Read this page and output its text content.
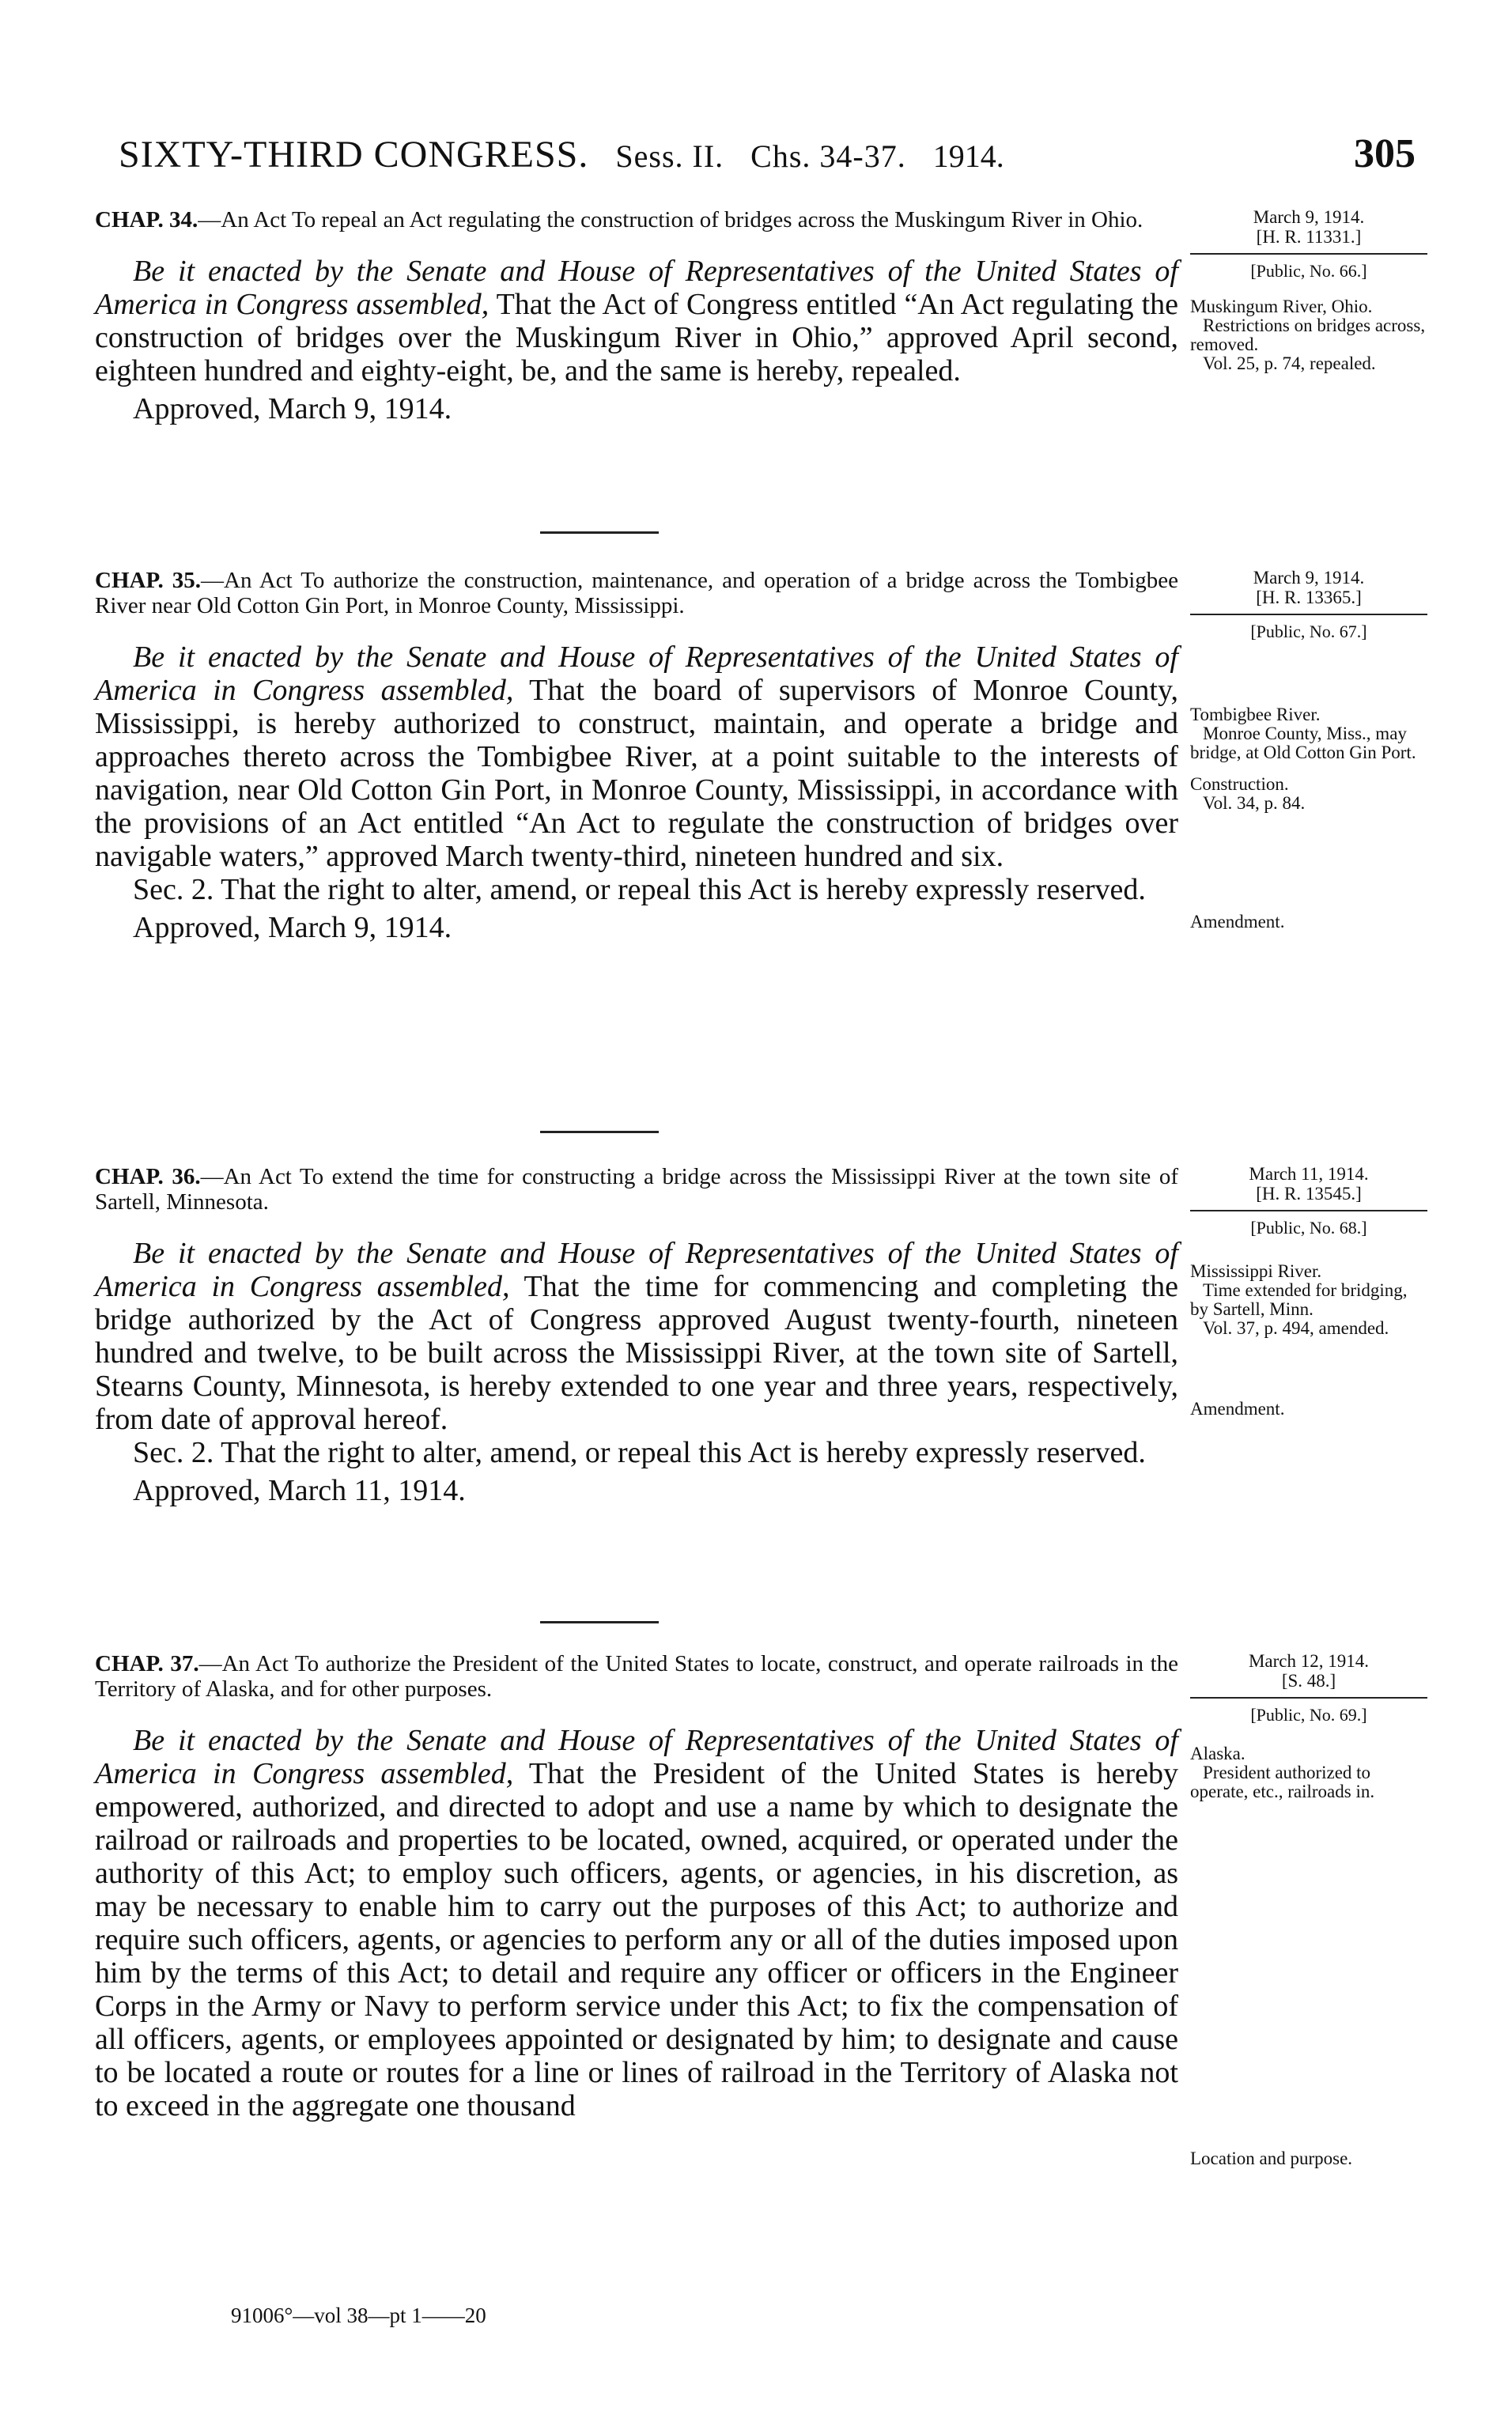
SIXTY-THIRD CONGRESS. Sess. II. Chs. 34-37. 1914.	305

CHAP. 34.—An Act To repeal an Act regulating the construction of bridges across the Muskingum River in Ohio.

Be it enacted by the Senate and House of Representatives of the United States of America in Congress assembled, That the Act of Congress entitled “An Act regulating the construction of bridges over the Muskingum River in Ohio,” approved April second, eighteen hundred and eighty-eight, be, and the same is hereby, repealed.

Approved, March 9, 1914.

March 9, 1914.
[H. R. 11331.]
[Public, No. 66.]

Muskingum River, Ohio.
Restrictions on bridges across, removed.
Vol. 25, p. 74, repealed.

CHAP. 35.—An Act To authorize the construction, maintenance, and operation of a bridge across the Tombigbee River near Old Cotton Gin Port, in Monroe County, Mississippi.

Be it enacted by the Senate and House of Representatives of the United States of America in Congress assembled, That the board of supervisors of Monroe County, Mississippi, is hereby authorized to construct, maintain, and operate a bridge and approaches thereto across the Tombigbee River, at a point suitable to the interests of navigation, near Old Cotton Gin Port, in Monroe County, Mississippi, in accordance with the provisions of an Act entitled “An Act to regulate the construction of bridges over navigable waters,” approved March twenty-third, nineteen hundred and six.

Sec. 2. That the right to alter, amend, or repeal this Act is hereby expressly reserved.

Approved, March 9, 1914.

March 9, 1914.
[H. R. 13365.]
[Public, No. 67.]

Tombigbee River.
Monroe County, Miss., may bridge, at Old Cotton Gin Port.

Construction.
Vol. 34, p. 84.

Amendment.

CHAP. 36.—An Act To extend the time for constructing a bridge across the Mississippi River at the town site of Sartell, Minnesota.

Be it enacted by the Senate and House of Representatives of the United States of America in Congress assembled, That the time for commencing and completing the bridge authorized by the Act of Congress approved August twenty-fourth, nineteen hundred and twelve, to be built across the Mississippi River, at the town site of Sartell, Stearns County, Minnesota, is hereby extended to one year and three years, respectively, from date of approval hereof.

Sec. 2. That the right to alter, amend, or repeal this Act is hereby expressly reserved.

Approved, March 11, 1914.

March 11, 1914.
[H. R. 13545.]
[Public, No. 68.]

Mississippi River.
Time extended for bridging, by Sartell, Minn.
Vol. 37, p. 494, amended.

Amendment.

CHAP. 37.—An Act To authorize the President of the United States to locate, construct, and operate railroads in the Territory of Alaska, and for other purposes.

Be it enacted by the Senate and House of Representatives of the United States of America in Congress assembled, That the President of the United States is hereby empowered, authorized, and directed to adopt and use a name by which to designate the railroad or railroads and properties to be located, owned, acquired, or operated under the authority of this Act; to employ such officers, agents, or agencies, in his discretion, as may be necessary to enable him to carry out the purposes of this Act; to authorize and require such officers, agents, or agencies to perform any or all of the duties imposed upon him by the terms of this Act; to detail and require any officer or officers in the Engineer Corps in the Army or Navy to perform service under this Act; to fix the compensation of all officers, agents, or employees appointed or designated by him; to designate and cause to be located a route or routes for a line or lines of railroad in the Territory of Alaska not to exceed in the aggregate one thousand

March 12, 1914.
[S. 48.]
[Public, No. 69.]

Alaska.
President authorized to operate, etc., railroads in.

Location and purpose.

91006°—vol 38—pt 1——20
